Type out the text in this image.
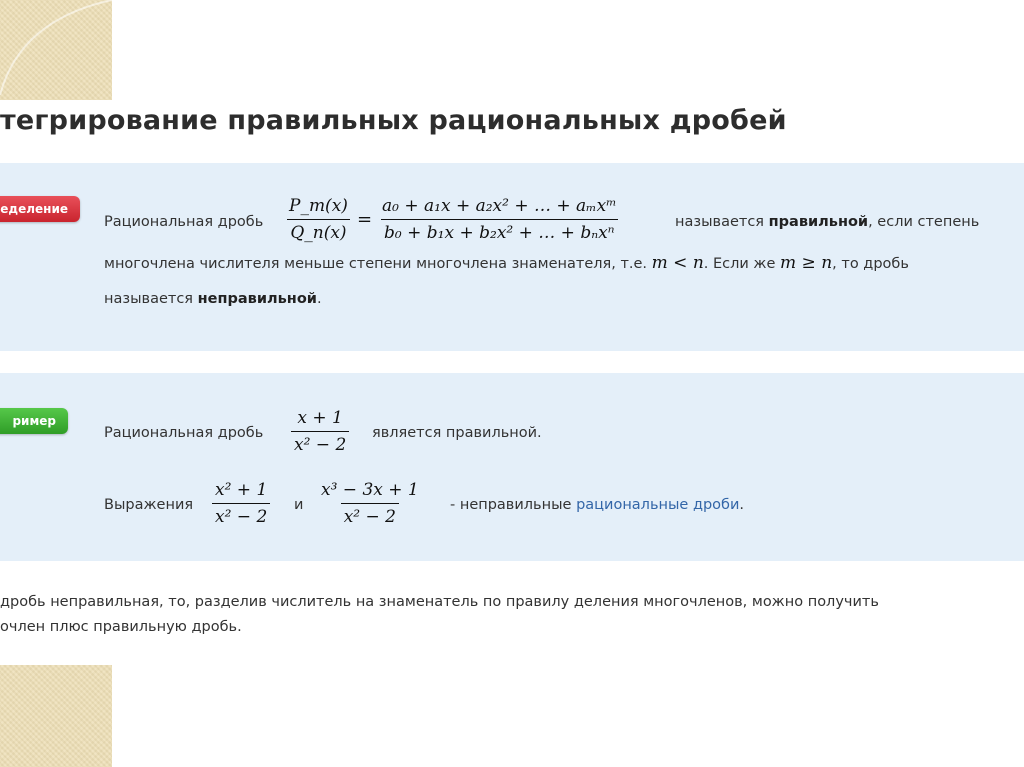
тегрирование правильных рациональных дробей
еделение
Рациональная дробь $\frac{P\_m(x)}{Q\_n(x)}$ =
a₀ + a₁x + a₂x² + … + aₘxᵐ
b₀ + b₁x + b₂x² + … + bₙxⁿ
называется правильной, если степень
многочлена числителя меньше степени многочлена знаменателя, т.е. m < n. Если же m ≥ n, то дробь
называется неправильной.
ример
Рациональная дробь $\frac{x + 1}{\text{x² − 2}}$ является правильной.
Выражения $\frac{\text{x² + 1}}{\text{x² − 2}}$ и $\frac{\text{x³ − 3x + 1}}{\text{x² − 2}}$ - неправильные рациональные дроби.
дробь неправильная, то, разделив числитель на знаменатель по правилу деления многочленов, можно получить
очлен плюс правильную дробь.
